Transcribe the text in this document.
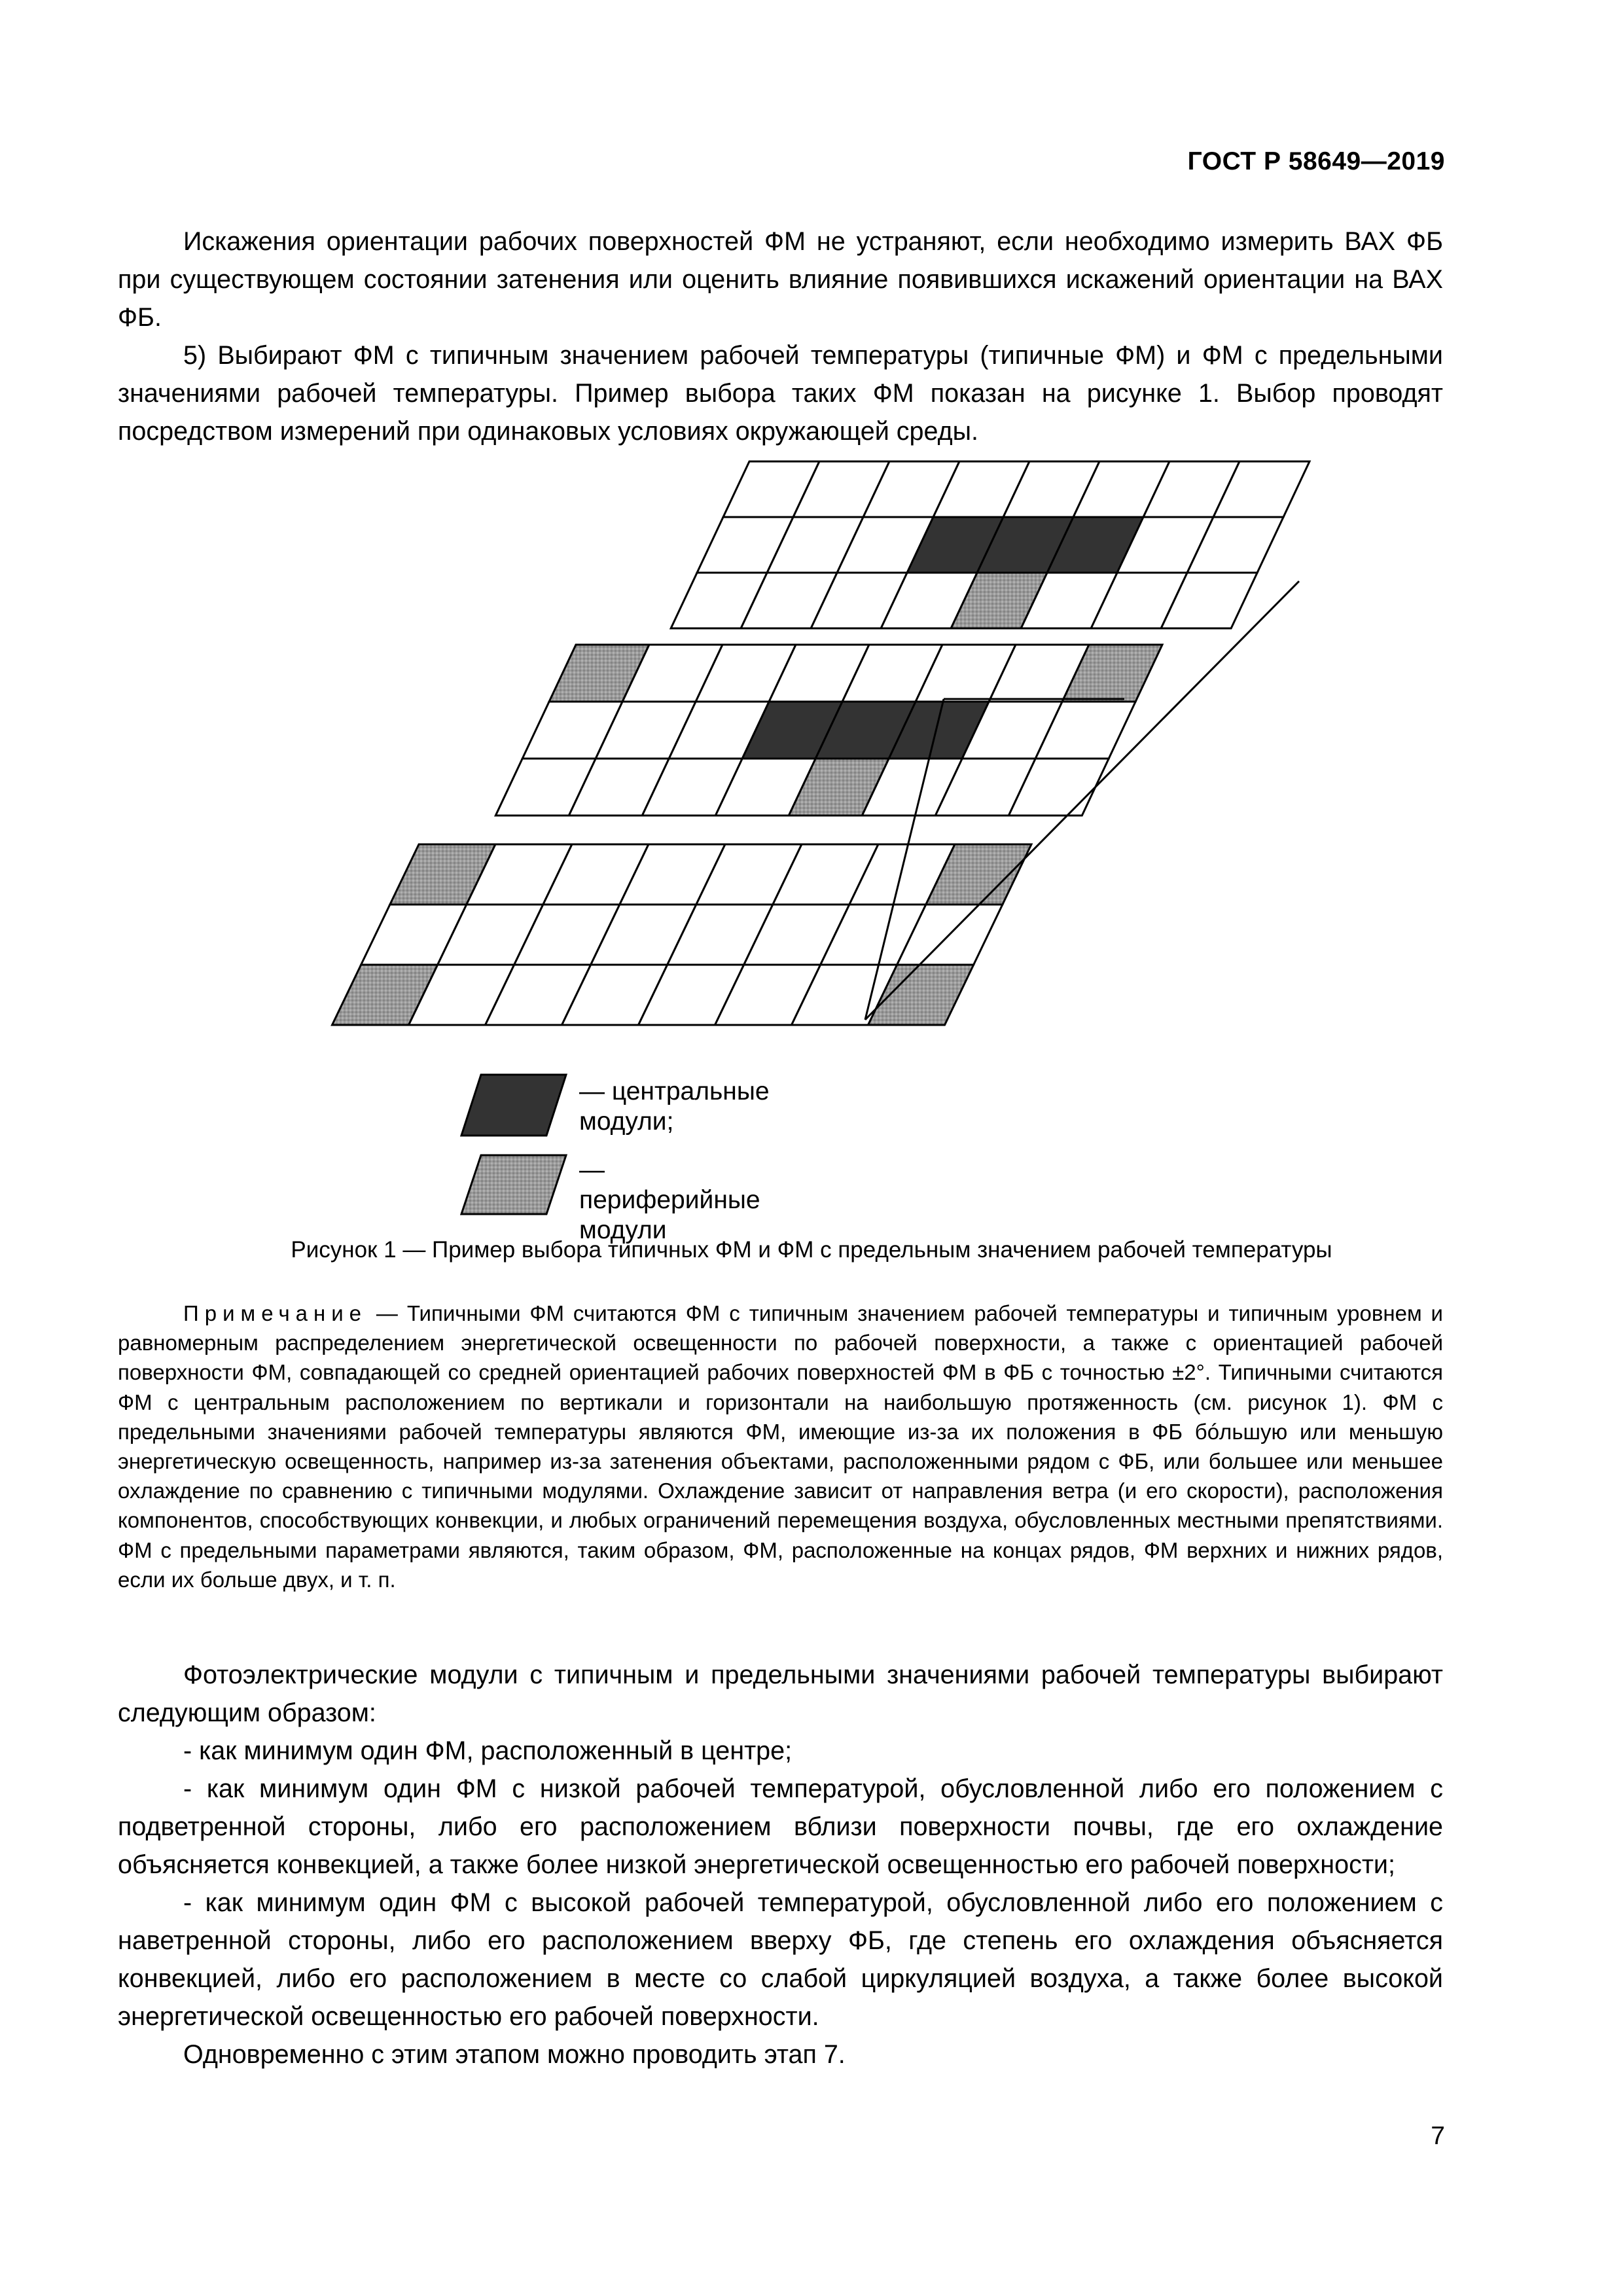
ГОСТ Р 58649—2019

Искажения ориентации рабочих поверхностей ФМ не устраняют, если необходимо измерить ВАХ ФБ при существующем состоянии затенения или оценить влияние появившихся искажений ориентации на ВАХ ФБ.

5) Выбирают ФМ с типичным значением рабочей температуры (типичные ФМ) и ФМ с предельными значениями рабочей температуры. Пример выбора таких ФМ показан на рисунке 1. Выбор проводят посредством измерений при одинаковых условиях окружающей среды.

— центральные модули;
— периферийные модули
Рисунок 1 — Пример выбора типичных ФМ и ФМ с предельным значением рабочей температуры

Примечание — Типичными ФМ считаются ФМ с типичным значением рабочей температуры и типичным уровнем и равномерным распределением энергетической освещенности по рабочей поверхности, а также с ориентацией рабочей поверхности ФМ, совпадающей со средней ориентацией рабочих поверхностей ФМ в ФБ с точностью ±2°. Типичными считаются ФМ с центральным расположением по вертикали и горизонтали на наибольшую протяженность (см. рисунок 1). ФМ с предельными значениями рабочей температуры являются ФМ, имеющие из-за их положения в ФБ бóльшую или меньшую энергетическую освещенность, например из-за затенения объектами, расположенными рядом с ФБ, или большее или меньшее охлаждение по сравнению с типичными модулями. Охлаждение зависит от направления ветра (и его скорости), расположения компонентов, способствующих конвекции, и любых ограничений перемещения воздуха, обусловленных местными препятствиями. ФМ с предельными параметрами являются, таким образом, ФМ, расположенные на концах рядов, ФМ верхних и нижних рядов, если их больше двух, и т. п.

Фотоэлектрические модули с типичным и предельными значениями рабочей температуры выбирают следующим образом:

- как минимум один ФМ, расположенный в центре;

- как минимум один ФМ с низкой рабочей температурой, обусловленной либо его положением с подветренной стороны, либо его расположением вблизи поверхности почвы, где его охлаждение объясняется конвекцией, а также более низкой энергетической освещенностью его рабочей поверхности;

- как минимум один ФМ с высокой рабочей температурой, обусловленной либо его положением с наветренной стороны, либо его расположением вверху ФБ, где степень его охлаждения объясняется конвекцией, либо его расположением в месте со слабой циркуляцией воздуха, а также более высокой энергетической освещенностью его рабочей поверхности.

Одновременно с этим этапом можно проводить этап 7.

7
